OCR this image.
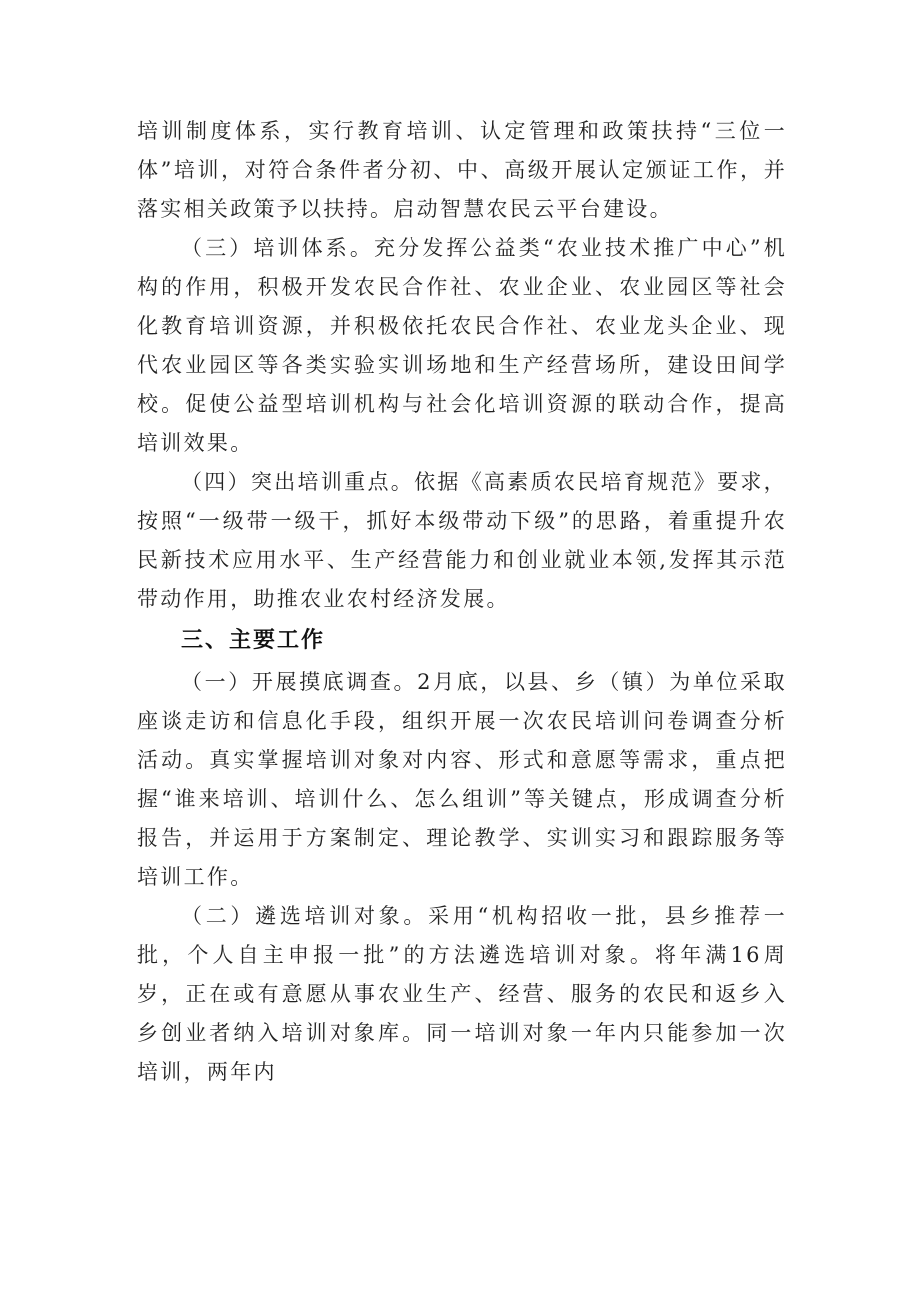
培训制度体系，实行教育培训、认定管理和政策扶持“三位一体”培训，对符合条件者分初、中、高级开展认定颁证工作，并落实相关政策予以扶持。启动智慧农民云平台建设。

（三）培训体系。充分发挥公益类“农业技术推广中心”机构的作用，积极开发农民合作社、农业企业、农业园区等社会化教育培训资源，并积极依托农民合作社、农业龙头企业、现代农业园区等各类实验实训场地和生产经营场所，建设田间学校。促使公益型培训机构与社会化培训资源的联动合作，提高培训效果。

（四）突出培训重点。依据《高素质农民培育规范》要求，按照“一级带一级干，抓好本级带动下级”的思路，着重提升农民新技术应用水平、生产经营能力和创业就业本领,发挥其示范带动作用，助推农业农村经济发展。

三、主要工作

（一）开展摸底调查。2月底，以县、乡（镇）为单位采取座谈走访和信息化手段，组织开展一次农民培训问卷调查分析活动。真实掌握培训对象对内容、形式和意愿等需求，重点把握“谁来培训、培训什么、怎么组训”等关键点，形成调查分析报告，并运用于方案制定、理论教学、实训实习和跟踪服务等培训工作。

（二）遴选培训对象。采用“机构招收一批，县乡推荐一批，个人自主申报一批”的方法遴选培训对象。将年满16周岁，正在或有意愿从事农业生产、经营、服务的农民和返乡入乡创业者纳入培训对象库。同一培训对象一年内只能参加一次培训，两年内
